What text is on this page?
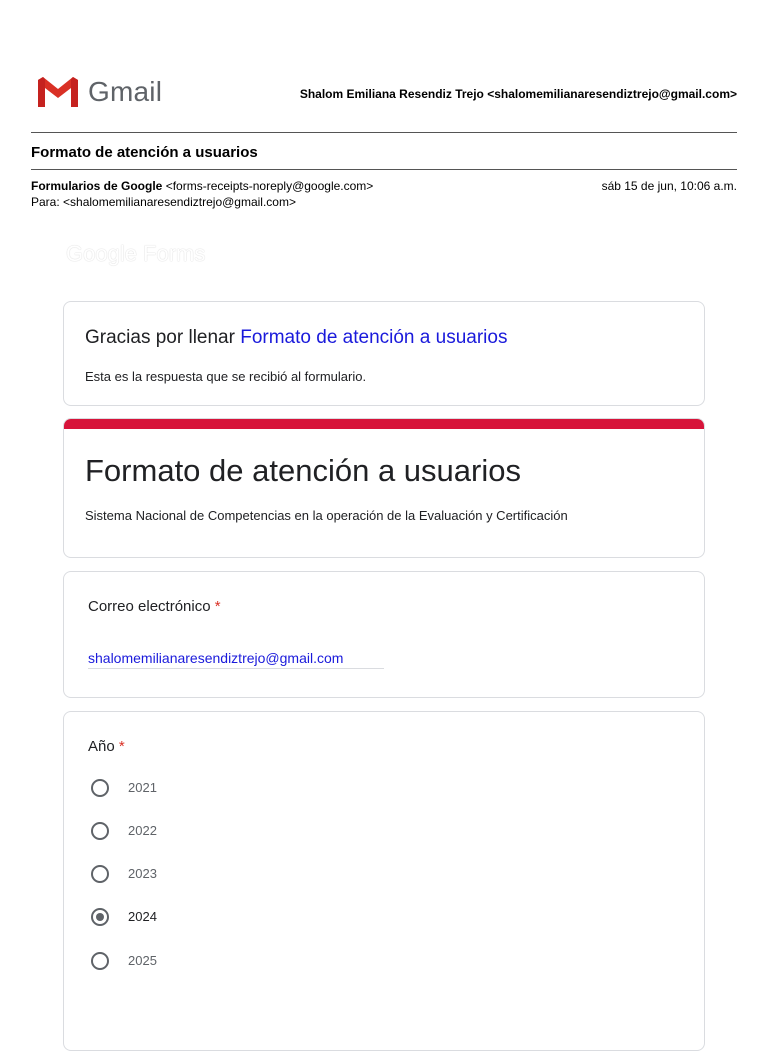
Gmail	Shalom Emiliana Resendiz Trejo <shalomemilianaresendiztrejo@gmail.com>
Formato de atención a usuarios
Formularios de Google <forms-receipts-noreply@google.com>	sáb 15 de jun, 10:06 a.m.
Para: <shalomemilianaresendiztrejo@gmail.com>
Google Forms
Gracias por llenar Formato de atención a usuarios
Esta es la respuesta que se recibió al formulario.
Formato de atención a usuarios
Sistema Nacional de Competencias en la operación de la Evaluación y Certificación
Correo electrónico *
shalomemilianaresendiztrejo@gmail.com
Año *
2021
2022
2023
2024
2025
